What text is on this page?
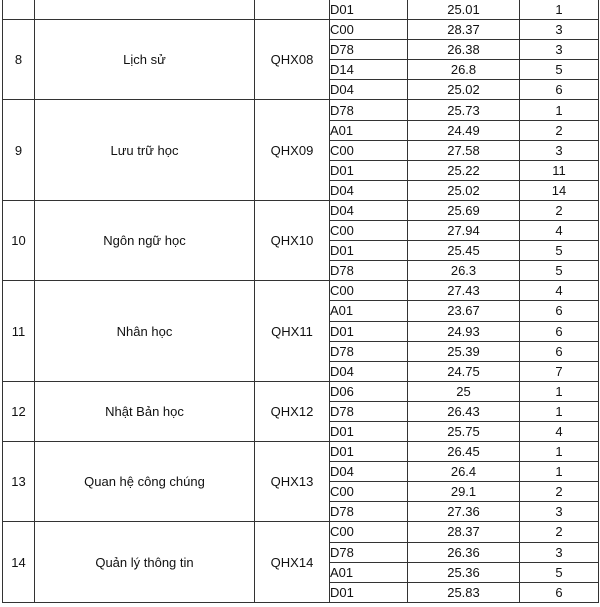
			D01	25.01	1
8	Lịch sử	QHX08	C00	28.37	3
			D78	26.38	3
			D14	26.8	5
			D04	25.02	6
9	Lưu trữ học	QHX09	D78	25.73	1
			A01	24.49	2
			C00	27.58	3
			D01	25.22	11
			D04	25.02	14
10	Ngôn ngữ học	QHX10	D04	25.69	2
			C00	27.94	4
			D01	25.45	5
			D78	26.3	5
11	Nhân học	QHX11	C00	27.43	4
			A01	23.67	6
			D01	24.93	6
			D78	25.39	6
			D04	24.75	7
12	Nhật Bản học	QHX12	D06	25	1
			D78	26.43	1
			D01	25.75	4
13	Quan hệ công chúng	QHX13	D01	26.45	1
			D04	26.4	1
			C00	29.1	2
			D78	27.36	3
14	Quản lý thông tin	QHX14	C00	28.37	2
			D78	26.36	3
			A01	25.36	5
			D01	25.83	6
